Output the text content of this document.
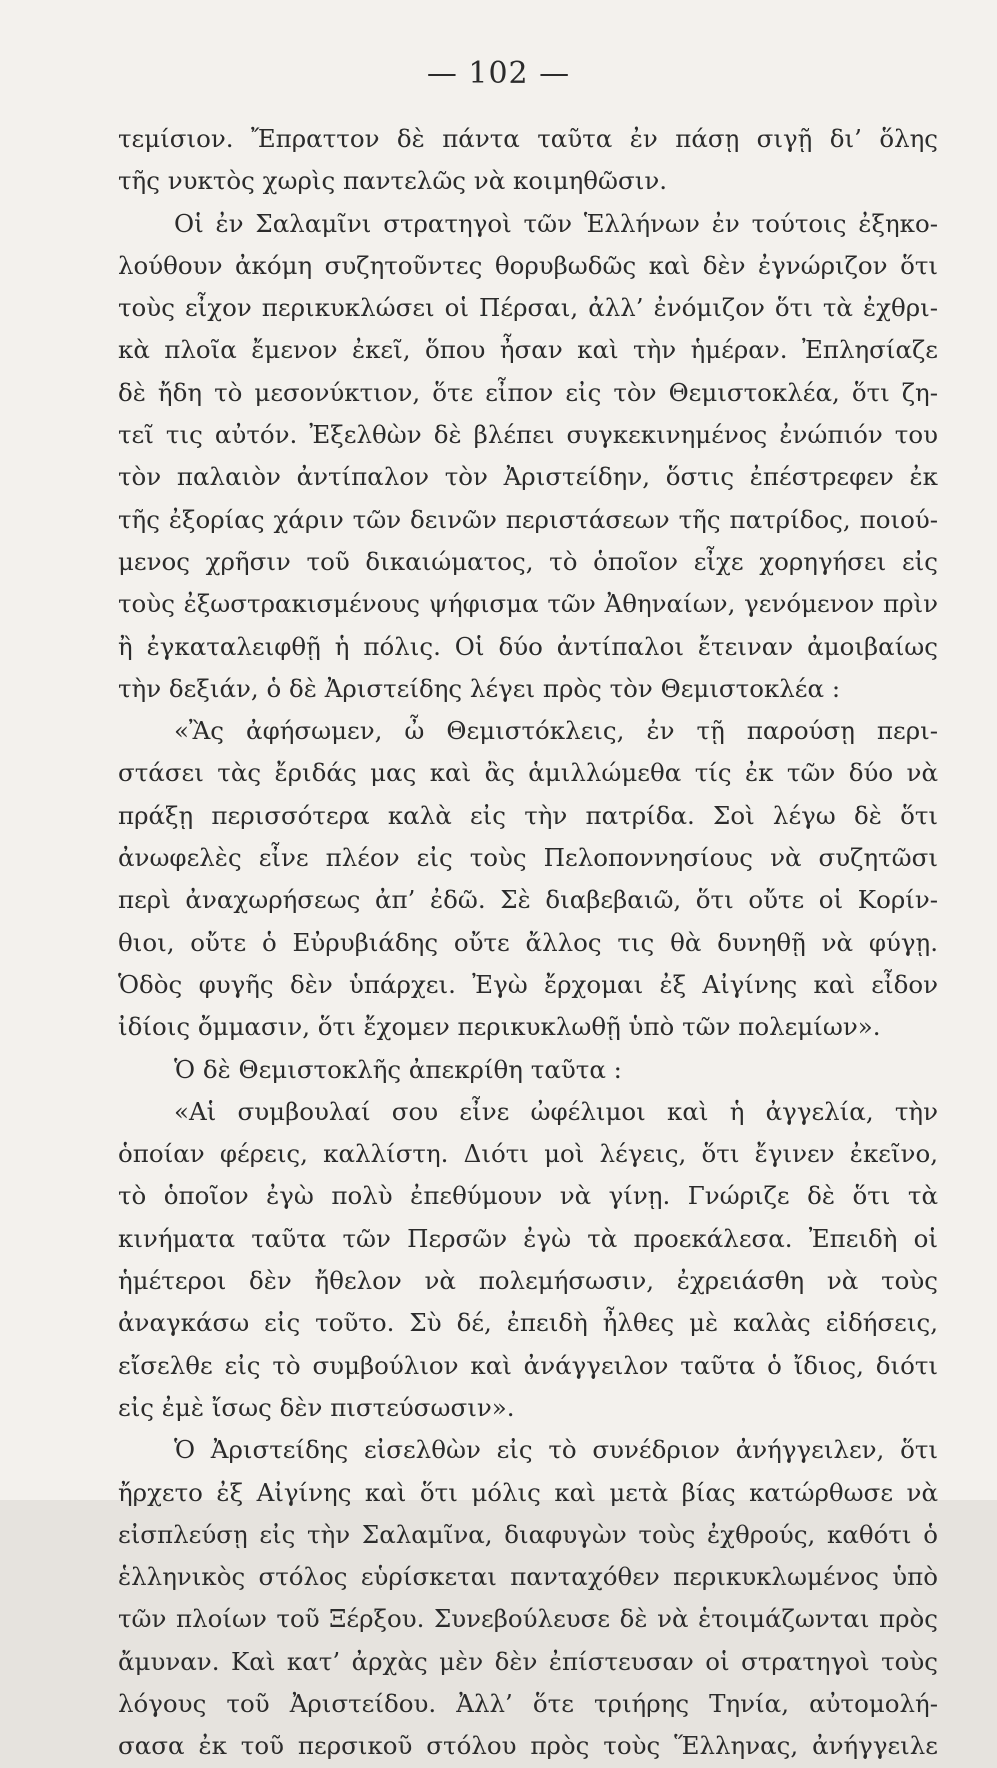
— 102 —
τεμίσιον. Ἔπραττον δὲ πάντα ταῦτα ἐν πάσῃ σιγῇ δι’ ὅλης
τῆς νυκτὸς χωρὶς παντελῶς νὰ κοιμηθῶσιν.
Οἱ ἐν Σαλαμῖνι στρατηγοὶ τῶν Ἑλλήνων ἐν τούτοις ἐξηκο-
λούθουν ἀκόμη συζητοῦντες θορυβωδῶς καὶ δὲν ἐγνώριζον ὅτι
τοὺς εἶχον περικυκλώσει οἱ Πέρσαι, ἀλλ’ ἐνόμιζον ὅτι τὰ ἐχθρι-
κὰ πλοῖα ἔμενον ἐκεῖ, ὅπου ἦσαν καὶ τὴν ἡμέραν. Ἐπλησίαζε
δὲ ἤδη τὸ μεσονύκτιον, ὅτε εἶπον εἰς τὸν Θεμιστοκλέα, ὅτι ζη-
τεῖ τις αὐτόν. Ἐξελθὼν δὲ βλέπει συγκεκινημένος ἐνώπιόν του
τὸν παλαιὸν ἀντίπαλον τὸν Ἀριστείδην, ὅστις ἐπέστρεφεν ἐκ
τῆς ἐξορίας χάριν τῶν δεινῶν περιστάσεων τῆς πατρίδος, ποιού-
μενος χρῆσιν τοῦ δικαιώματος, τὸ ὁποῖον εἶχε χορηγήσει εἰς
τοὺς ἐξωστρακισμένους ψήφισμα τῶν Ἀθηναίων, γενόμενον πρὶν
ἢ ἐγκαταλειφθῇ ἡ πόλις. Οἱ δύο ἀντίπαλοι ἔτειναν ἀμοιβαίως
τὴν δεξιάν, ὁ δὲ Ἀριστείδης λέγει πρὸς τὸν Θεμιστοκλέα :
«Ἂς ἀφήσωμεν, ὦ Θεμιστόκλεις, ἐν τῇ παρούσῃ περι-
στάσει τὰς ἔριδάς μας καὶ ἂς ἁμιλλώμεθα τίς ἐκ τῶν δύο νὰ
πράξῃ περισσότερα καλὰ εἰς τὴν πατρίδα. Σοὶ λέγω δὲ ὅτι
ἀνωφελὲς εἶνε πλέον εἰς τοὺς Πελοποννησίους νὰ συζητῶσι
περὶ ἀναχωρήσεως ἀπ’ ἐδῶ. Σὲ διαβεβαιῶ, ὅτι οὔτε οἱ Κορίν-
θιοι, οὔτε ὁ Εὐρυβιάδης οὔτε ἄλλος τις θὰ δυνηθῇ νὰ φύγῃ.
Ὁδὸς φυγῆς δὲν ὑπάρχει. Ἐγὼ ἔρχομαι ἐξ Αἰγίνης καὶ εἶδον
ἰδίοις ὄμμασιν, ὅτι ἔχομεν περικυκλωθῇ ὑπὸ τῶν πολεμίων».
Ὁ δὲ Θεμιστοκλῆς ἀπεκρίθη ταῦτα :
«Αἱ συμβουλαί σου εἶνε ὠφέλιμοι καὶ ἡ ἀγγελία, τὴν
ὁποίαν φέρεις, καλλίστη. Διότι μοὶ λέγεις, ὅτι ἔγινεν ἐκεῖνο,
τὸ ὁποῖον ἐγὼ πολὺ ἐπεθύμουν νὰ γίνῃ. Γνώριζε δὲ ὅτι τὰ
κινήματα ταῦτα τῶν Περσῶν ἐγὼ τὰ προεκάλεσα. Ἐπειδὴ οἱ
ἡμέτεροι δὲν ἤθελον νὰ πολεμήσωσιν, ἐχρειάσθη νὰ τοὺς
ἀναγκάσω εἰς τοῦτο. Σὺ δέ, ἐπειδὴ ἦλθες μὲ καλὰς εἰδήσεις,
εἴσελθε εἰς τὸ συμβούλιον καὶ ἀνάγγειλον ταῦτα ὁ ἴδιος, διότι
εἰς ἐμὲ ἴσως δὲν πιστεύσωσιν».
Ὁ Ἀριστείδης εἰσελθὼν εἰς τὸ συνέδριον ἀνήγγειλεν, ὅτι
ἤρχετο ἐξ Αἰγίνης καὶ ὅτι μόλις καὶ μετὰ βίας κατώρθωσε νὰ
εἰσπλεύσῃ εἰς τὴν Σαλαμῖνα, διαφυγὼν τοὺς ἐχθρούς, καθότι ὁ
ἑλληνικὸς στόλος εὑρίσκεται πανταχόθεν περικυκλωμένος ὑπὸ
τῶν πλοίων τοῦ Ξέρξου. Συνεβούλευσε δὲ νὰ ἑτοιμάζωνται πρὸς
ἄμυναν. Καὶ κατ’ ἀρχὰς μὲν δὲν ἐπίστευσαν οἱ στρατηγοὶ τοὺς
λόγους τοῦ Ἀριστείδου. Ἀλλ’ ὅτε τριήρης Τηνία, αὐτομολή-
σασα ἐκ τοῦ περσικοῦ στόλου πρὸς τοὺς Ἕλληνας, ἀνήγγειλε
